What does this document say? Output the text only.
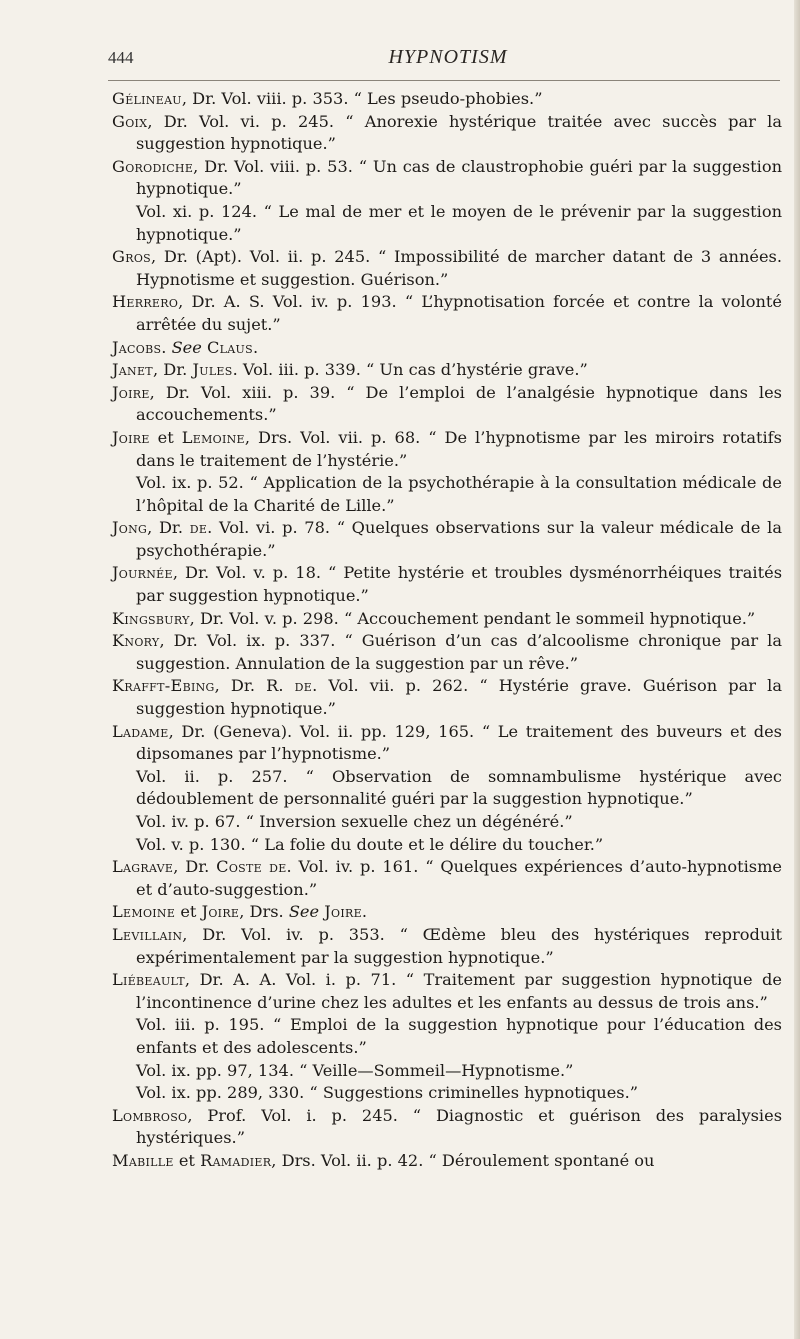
444	HYPNOTISM

Gélineau, Dr. Vol. viii. p. 353. “ Les pseudo-phobies.”

Goix, Dr. Vol. vi. p. 245. “ Anorexie hystérique traitée avec succès par la suggestion hypnotique.”

Gorodiche, Dr. Vol. viii. p. 53. “ Un cas de claustrophobie guéri par la suggestion hypnotique.”

Vol. xi. p. 124. “ Le mal de mer et le moyen de le prévenir par la suggestion hypnotique.”

Gros, Dr. (Apt). Vol. ii. p. 245. “ Impossibilité de marcher datant de 3 années. Hypnotisme et suggestion. Guérison.”

Herrero, Dr. A. S. Vol. iv. p. 193. “ L’hypnotisation forcée et contre la volonté arrêtée du sujet.”

Jacobs. See Claus.

Janet, Dr. Jules. Vol. iii. p. 339. “ Un cas d’hystérie grave.”

Joire, Dr. Vol. xiii. p. 39. “ De l’emploi de l’analgésie hypnotique dans les accouchements.”

Joire et Lemoine, Drs. Vol. vii. p. 68. “ De l’hypnotisme par les miroirs rotatifs dans le traitement de l’hystérie.”

Vol. ix. p. 52. “ Application de la psychothérapie à la consultation médicale de l’hôpital de la Charité de Lille.”

Jong, Dr. de. Vol. vi. p. 78. “ Quelques observations sur la valeur médicale de la psychothérapie.”

Journée, Dr. Vol. v. p. 18. “ Petite hystérie et troubles dysménorrhéiques traités par suggestion hypnotique.”

Kingsbury, Dr. Vol. v. p. 298. “ Accouchement pendant le sommeil hypnotique.”

Knory, Dr. Vol. ix. p. 337. “ Guérison d’un cas d’alcoolisme chronique par la suggestion. Annulation de la suggestion par un rêve.”

Krafft-Ebing, Dr. R. de. Vol. vii. p. 262. “ Hystérie grave. Guérison par la suggestion hypnotique.”

Ladame, Dr. (Geneva). Vol. ii. pp. 129, 165. “ Le traitement des buveurs et des dipsomanes par l’hypnotisme.”

Vol. ii. p. 257. “ Observation de somnambulisme hystérique avec dédoublement de personnalité guéri par la suggestion hypnotique.”

Vol. iv. p. 67. “ Inversion sexuelle chez un dégénéré.”

Vol. v. p. 130. “ La folie du doute et le délire du toucher.”

Lagrave, Dr. Coste de. Vol. iv. p. 161. “ Quelques expériences d’auto-hypnotisme et d’auto-suggestion.”

Lemoine et Joire, Drs. See Joire.

Levillain, Dr. Vol. iv. p. 353. “ Œdème bleu des hystériques reproduit expérimentalement par la suggestion hypnotique.”

Liébeault, Dr. A. A. Vol. i. p. 71. “ Traitement par suggestion hypnotique de l’incontinence d’urine chez les adultes et les enfants au dessus de trois ans.”

Vol. iii. p. 195. “ Emploi de la suggestion hypnotique pour l’éducation des enfants et des adolescents.”

Vol. ix. pp. 97, 134. “ Veille—Sommeil—Hypnotisme.”

Vol. ix. pp. 289, 330. “ Suggestions criminelles hypnotiques.”

Lombroso, Prof. Vol. i. p. 245. “ Diagnostic et guérison des paralysies hystériques.”

Mabille et Ramadier, Drs. Vol. ii. p. 42. “ Déroulement spontané ou
